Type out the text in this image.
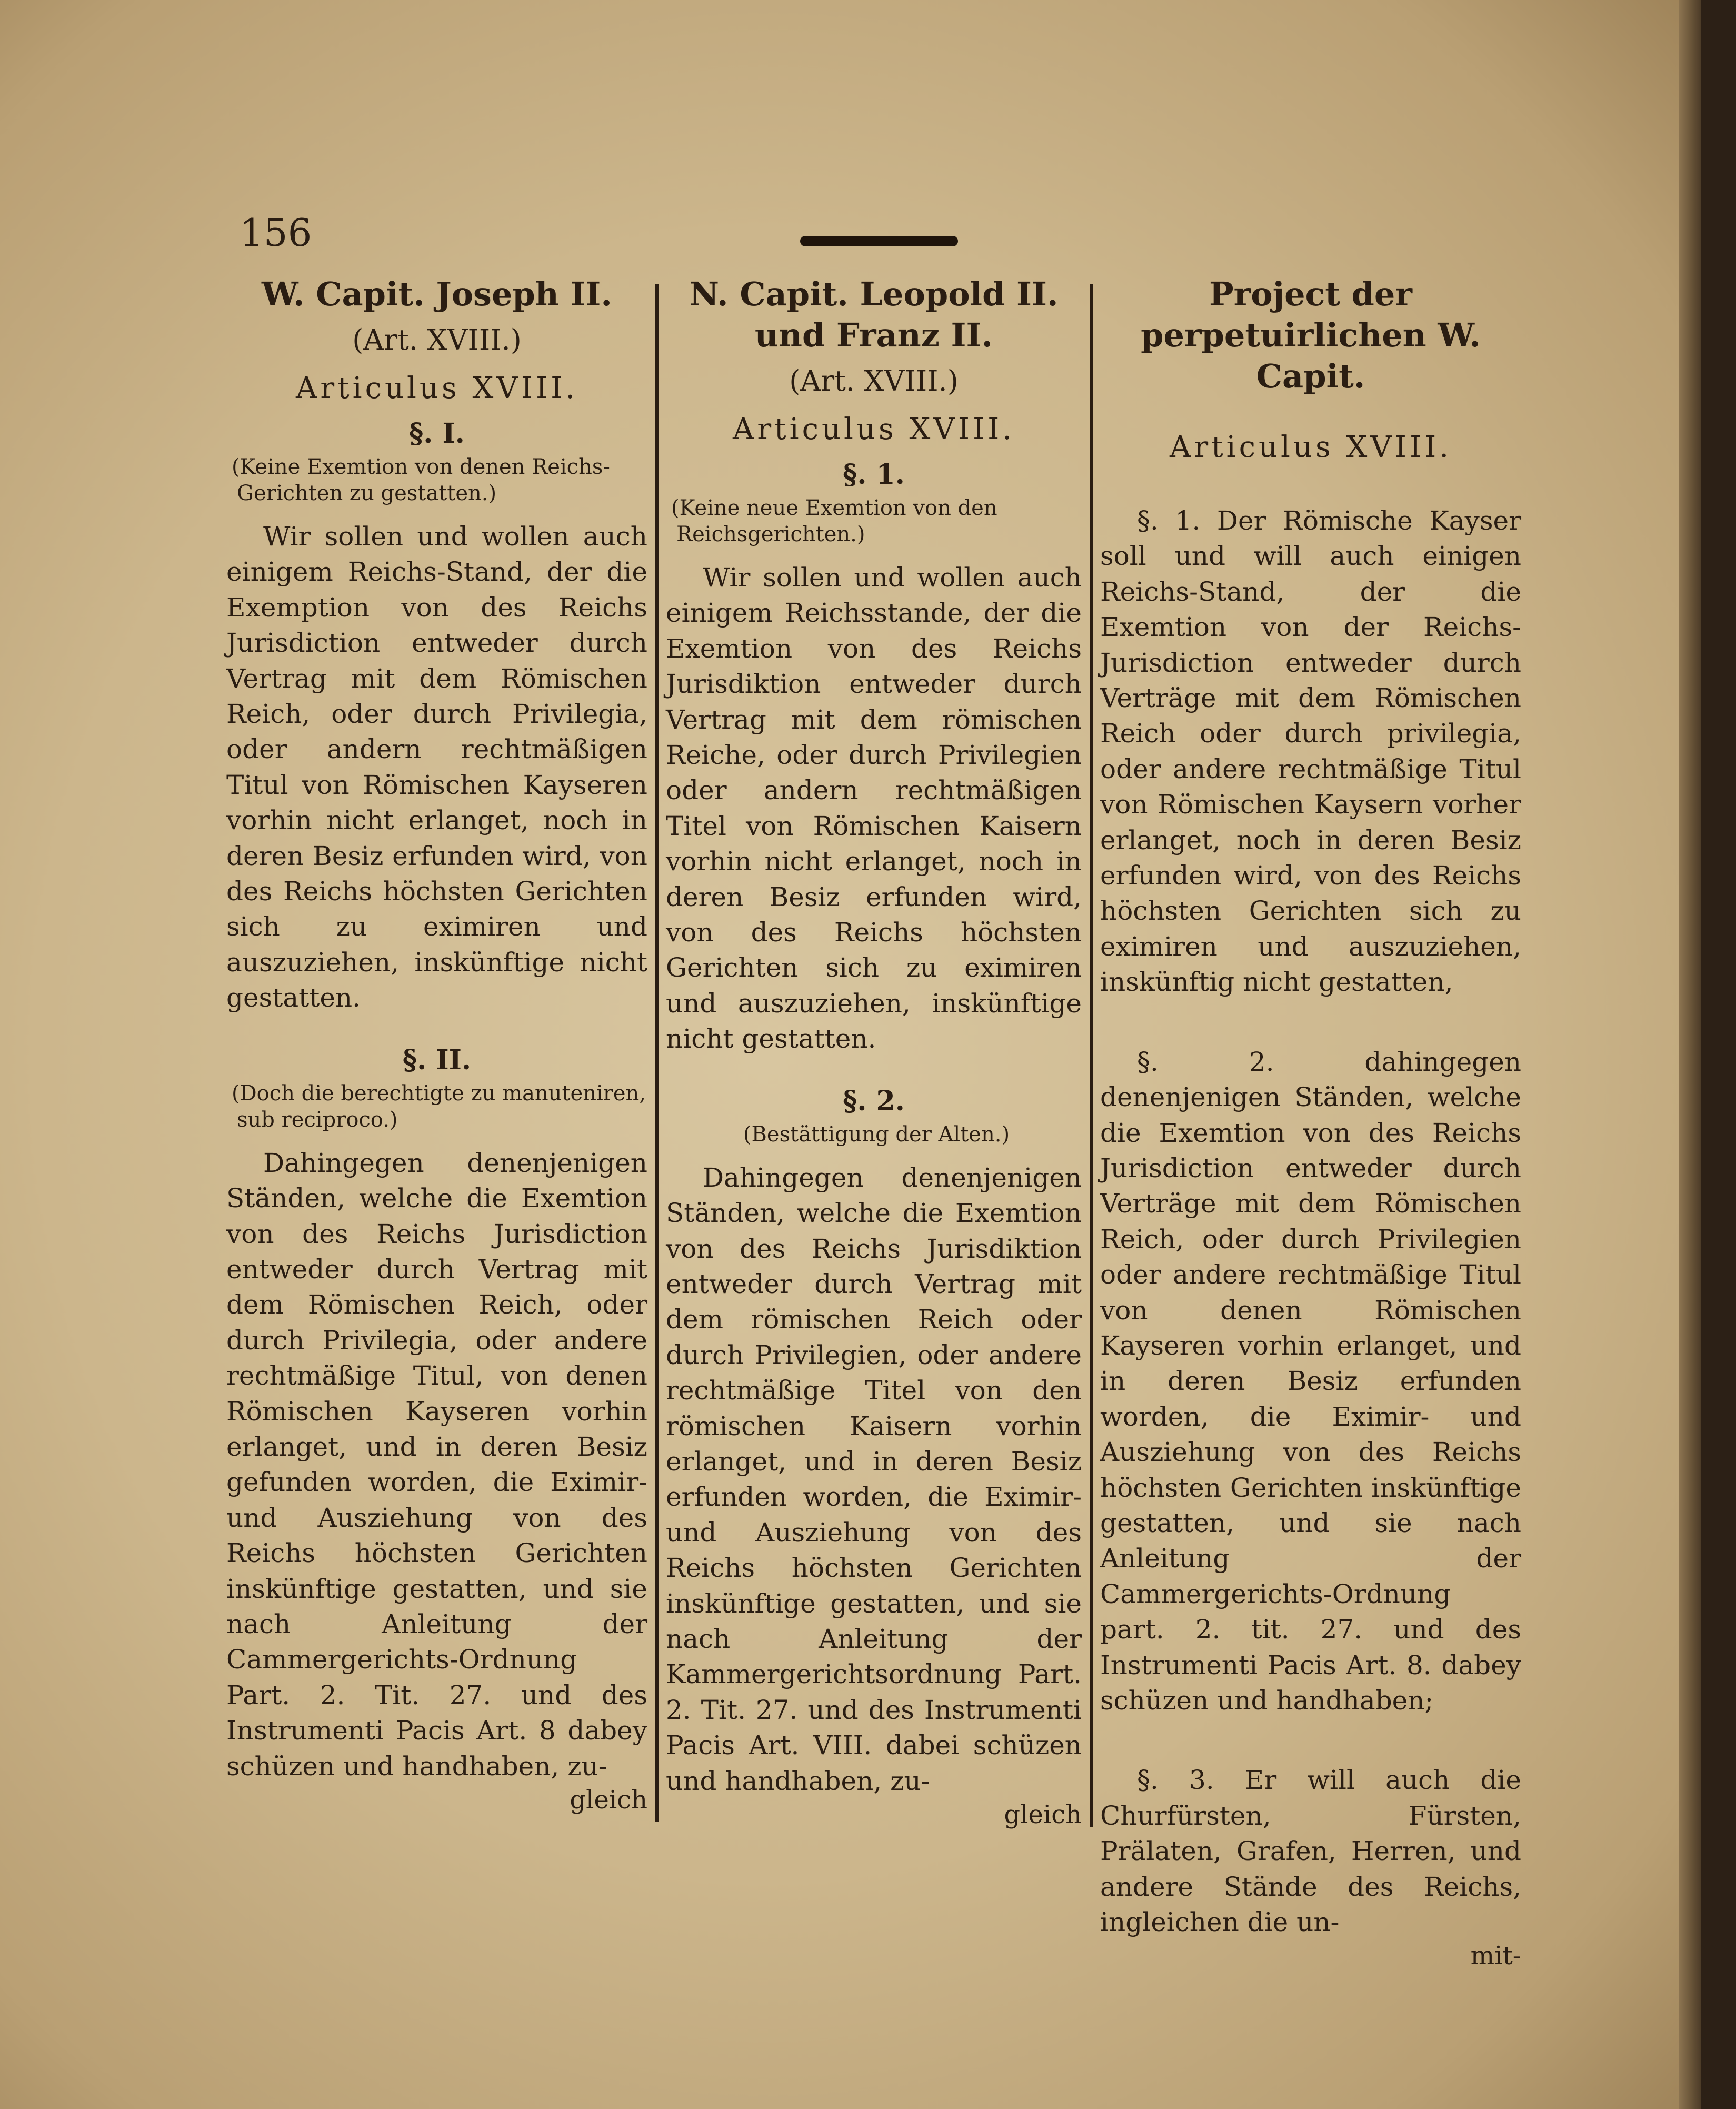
156
W. Capit. Joseph II.
(Art. XVIII.)
Articulus XVIII.
§. I.
(Keine Exemtion von denen Reichs-Gerichten zu gestatten.)
Wir sollen und wollen auch einigem Reichs-Stand, der die Exemption von des Reichs Jurisdiction entweder durch Vertrag mit dem Römischen Reich, oder durch Privilegia, oder andern rechtmäßigen Titul von Römischen Kayseren vorhin nicht erlanget, noch in deren Besiz erfunden wird, von des Reichs höchsten Gerichten sich zu eximiren und auszuziehen, inskünftige nicht gestatten.
§. II.
(Doch die berechtigte zu manuteniren, sub reciproco.)
Dahingegen denenjenigen Ständen, welche die Exemtion von des Reichs Jurisdiction entweder durch Vertrag mit dem Römischen Reich, oder durch Privilegia, oder andere rechtmäßige Titul, von denen Römischen Kayseren vorhin erlanget, und in deren Besiz gefunden worden, die Eximir- und Ausziehung von des Reichs höchsten Gerichten inskünftige gestatten, und sie nach Anleitung der Cammergerichts-Ordnung Part. 2. Tit. 27. und des Instrumenti Pacis Art. 8 dabey schüzen und handhaben, zu-
gleich
N. Capit. Leopold II. und Franz II.
(Art. XVIII.)
Articulus XVIII.
§. 1.
(Keine neue Exemtion von den Reichsgerichten.)
Wir sollen und wollen auch einigem Reichsstande, der die Exemtion von des Reichs Jurisdiktion entweder durch Vertrag mit dem römischen Reiche, oder durch Privilegien oder andern rechtmäßigen Titel von Römischen Kaisern vorhin nicht erlanget, noch in deren Besiz erfunden wird, von des Reichs höchsten Gerichten sich zu eximiren und auszuziehen, inskünftige nicht gestatten.
§. 2.
(Bestättigung der Alten.)
Dahingegen denenjenigen Ständen, welche die Exemtion von des Reichs Jurisdiktion entweder durch Vertrag mit dem römischen Reich oder durch Privilegien, oder andere rechtmäßige Titel von den römischen Kaisern vorhin erlanget, und in deren Besiz erfunden worden, die Eximir- und Ausziehung von des Reichs höchsten Gerichten inskünftige gestatten, und sie nach Anleitung der Kammergerichtsordnung Part. 2. Tit. 27. und des Instrumenti Pacis Art. VIII. dabei schüzen und handhaben, zu-
gleich
Project der perpetuirlichen W. Capit.
Articulus XVIII.
§. 1. Der Römische Kayser soll und will auch einigen Reichs-Stand, der die Exemtion von der Reichs-Jurisdiction entweder durch Verträge mit dem Römischen Reich oder durch privilegia, oder andere rechtmäßige Titul von Römischen Kaysern vorher erlanget, noch in deren Besiz erfunden wird, von des Reichs höchsten Gerichten sich zu eximiren und auszuziehen, inskünftig nicht gestatten,
§. 2. dahingegen denenjenigen Ständen, welche die Exemtion von des Reichs Jurisdiction entweder durch Verträge mit dem Römischen Reich, oder durch Privilegien oder andere rechtmäßige Titul von denen Römischen Kayseren vorhin erlanget, und in deren Besiz erfunden worden, die Eximir- und Ausziehung von des Reichs höchsten Gerichten inskünftige gestatten, und sie nach Anleitung der Cammergerichts-Ordnung part. 2. tit. 27. und des Instrumenti Pacis Art. 8. dabey schüzen und handhaben;
§. 3. Er will auch die Churfürsten, Fürsten, Prälaten, Grafen, Herren, und andere Stände des Reichs, ingleichen die un-
mit-
